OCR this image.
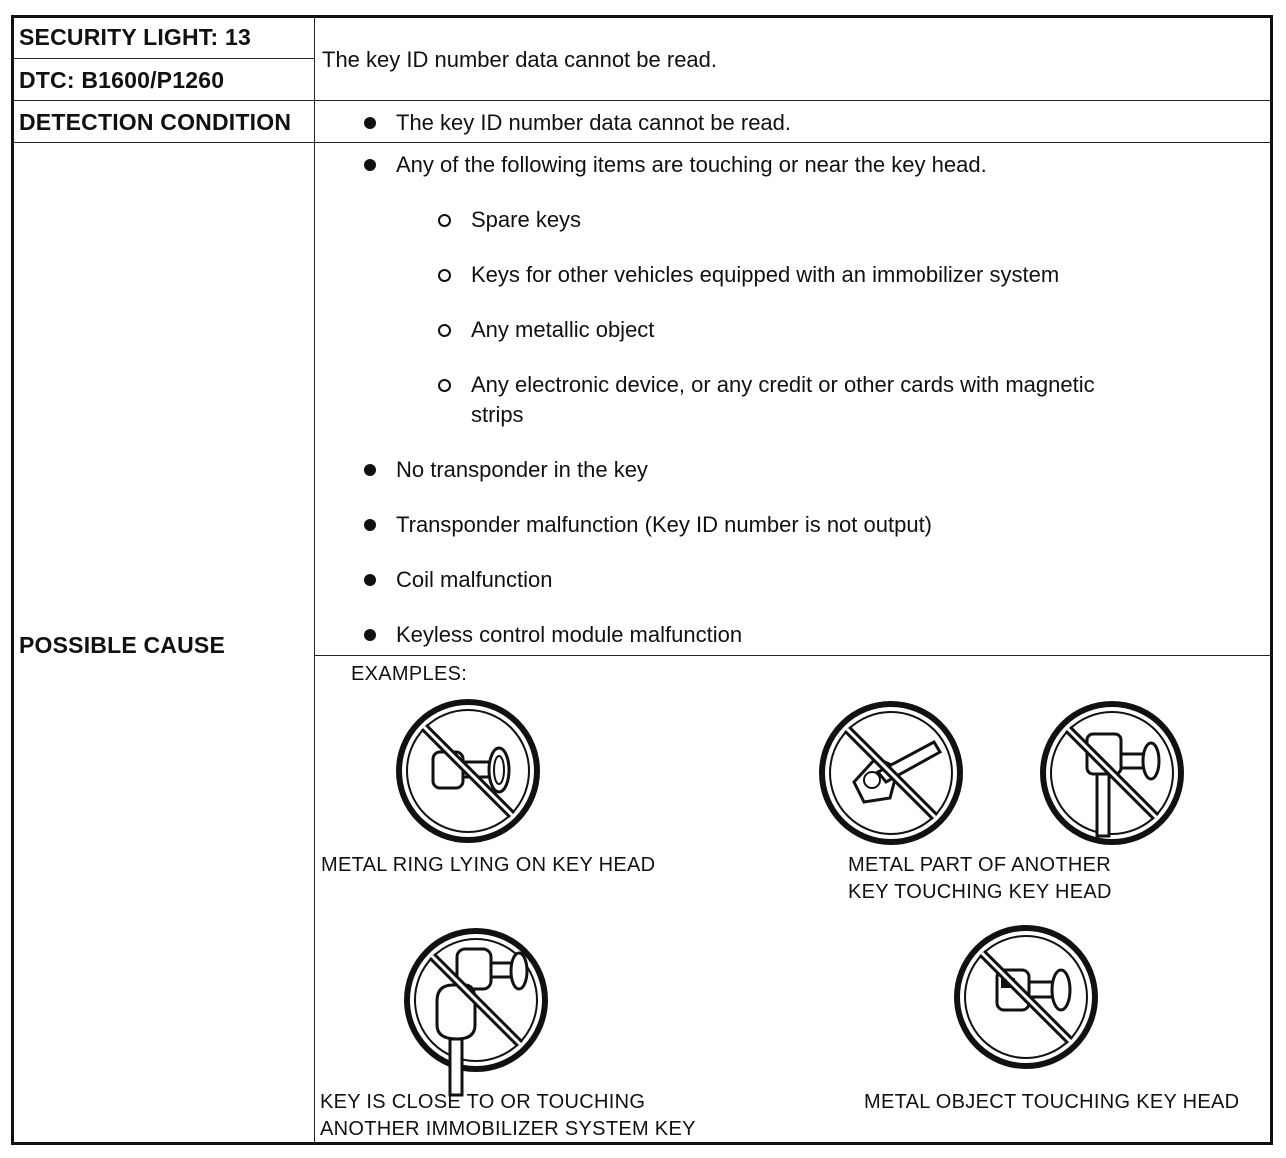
SECURITY LIGHT: 13
DTC: B1600/P1260
DETECTION CONDITION
POSSIBLE CAUSE
The key ID number data cannot be read.
The key ID number data cannot be read.
Any of the following items are touching or near the key head.
Spare keys
Keys for other vehicles equipped with an immobilizer system
Any metallic object
Any electronic device, or any credit or other cards with magnetic
strips
No transponder in the key
Transponder malfunction (Key ID number is not output)
Coil malfunction
Keyless control module malfunction
EXAMPLES:
METAL RING LYING ON KEY HEAD	METAL PART OF ANOTHER
KEY TOUCHING KEY HEAD
KEY IS CLOSE TO OR TOUCHING
ANOTHER IMMOBILIZER SYSTEM KEY
METAL OBJECT TOUCHING KEY HEAD
